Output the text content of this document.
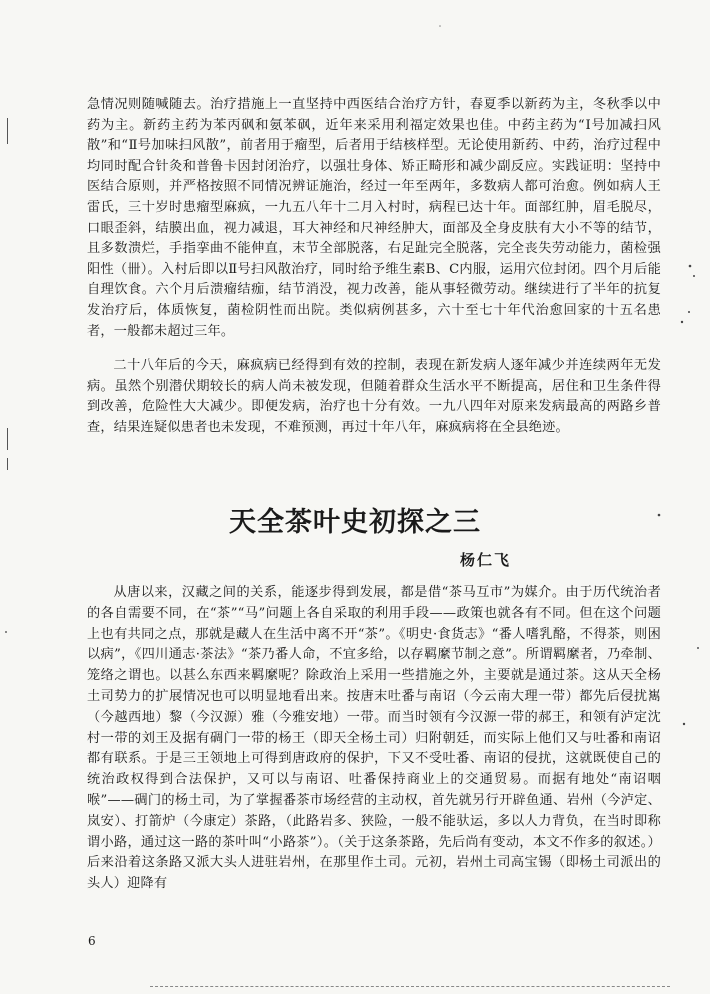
急情况则随喊随去。治疗措施上一直坚持中西医结合治疗方针，春夏季以新药为主，冬秋季以中药为主。新药主药为苯丙砜和氨苯砜，近年来采用利福定效果也佳。中药主药为“Ⅰ号加减扫风散”和“Ⅱ号加味扫风散”，前者用于瘤型，后者用于结核样型。无论使用新药、中药，治疗过程中均同时配合针灸和普鲁卡因封闭治疗，以强壮身体、矫正畸形和减少副反应。实践证明：坚持中医结合原则，并严格按照不同情况辨证施治，经过一年至两年，多数病人都可治愈。例如病人王雷氏，三十岁时患瘤型麻疯，一九五八年十二月入村时，病程已达十年。面部红肿，眉毛脱尽，口眼歪斜，结膜出血，视力减退，耳大神经和尺神经肿大，面部及全身皮肤有大小不等的结节，且多数溃烂，手指挛曲不能伸直，末节全部脱落，右足趾完全脱落，完全丧失劳动能力，菌检强阳性（卌）。入村后即以Ⅱ号扫风散治疗，同时给予维生素B、C内服，运用穴位封闭。四个月后能自理饮食。六个月后溃瘤结痂，结节消没，视力改善，能从事轻微劳动。继续进行了半年的抗复发治疗后，体质恢复，菌检阴性而出院。类似病例甚多，六十至七十年代治愈回家的十五名患者，一般都未超过三年。

二十八年后的今天，麻疯病已经得到有效的控制，表现在新发病人逐年减少并连续两年无发病。虽然个别潜伏期较长的病人尚未被发现，但随着群众生活水平不断提高，居住和卫生条件得到改善，危险性大大减少。即便发病，治疗也十分有效。一九八四年对原来发病最高的两路乡普查，结果连疑似患者也未发现，不难预测，再过十年八年，麻疯病将在全县绝迹。

天全茶叶史初探之三
杨仁飞

从唐以来，汉藏之间的关系，能逐步得到发展，都是借“茶马互市”为媒介。由于历代统治者的各自需要不同，在“茶”“马”问题上各自采取的利用手段——政策也就各有不同。但在这个问题上也有共同之点，那就是藏人在生活中离不开“茶”。《明史·食货志》“番人嗜乳酪，不得茶，则困以病”，《四川通志·茶法》“茶乃番人命，不宜多给，以存羁縻节制之意”。所谓羁縻者，乃牵制、笼络之谓也。以甚么东西来羁縻呢？除政治上采用一些措施之外，主要就是通过茶。这从天全杨土司势力的扩展情况也可以明显地看出来。按唐末吐番与南诏（今云南大理一带）都先后侵扰嶲（今越西地）黎（今汉源）雅（今雅安地）一带。而当时领有今汉源一带的郝王，和领有泸定沈村一带的刘王及据有碉门一带的杨王（即天全杨土司）归附朝廷，而实际上他们又与吐番和南诏都有联系。于是三王领地上可得到唐政府的保护，下又不受吐番、南诏的侵扰，这就既使自己的统治政权得到合法保护，又可以与南诏、吐番保持商业上的交通贸易。而据有地处“南诏咽喉”——碉门的杨土司，为了掌握番茶市场经营的主动权，首先就另行开辟鱼通、岩州（今泸定、岚安）、打箭炉（今康定）茶路，（此路岩多、狭险，一般不能驮运，多以人力背负，在当时即称谓小路，通过这一路的茶叶叫“小路茶”）。（关于这条茶路，先后尚有变动，本文不作多的叙述。）后来沿着这条路又派大头人进驻岩州，在那里作土司。元初，岩州土司高宝锡（即杨土司派出的头人）迎降有

6
